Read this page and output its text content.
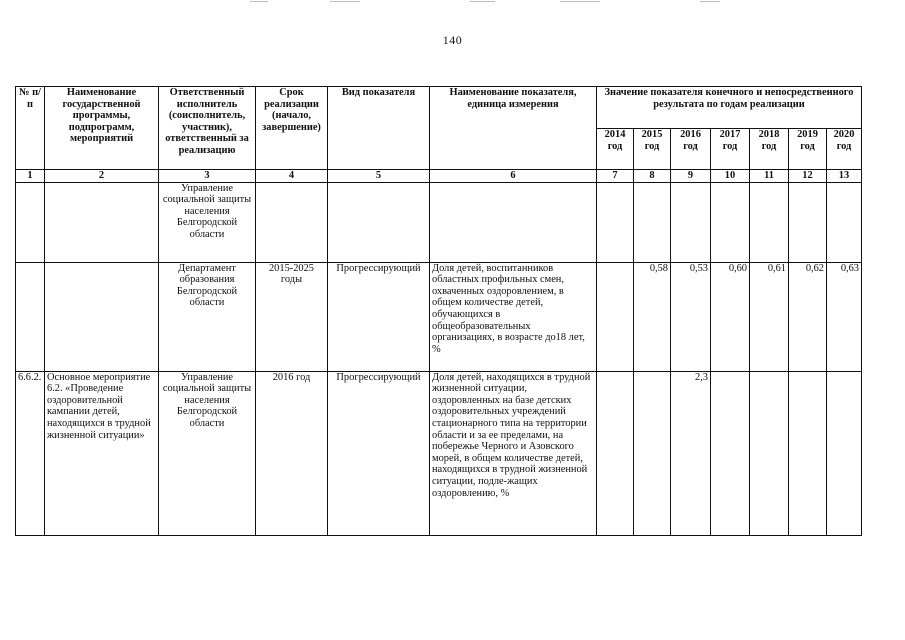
140
№ п/п	Наименование государственной программы, подпрограмм, мероприятий	Ответственный исполнитель (соисполнитель, участник), ответственный за реализацию	Срок реализации (начало, завершение)	Вид показателя	Наименование показателя, единица измерения	Значение показателя конечного и непосредственного результата по годам реализации						
						2014 год	2015 год	2016 год	2017 год	2018 год	2019 год	2020 год
1	2	3	4	5	6	7	8	9	10	11	12	13
		Управление социальной защиты населения Белгородской области										
		Департамент образования Белгородской области	2015-2025 годы	Прогрессирующий	Доля детей, воспитанников областных профильных смен, охваченных оздоровлением, в общем количестве детей, обучающихся в общеобразовательных организациях, в возрасте до18 лет, %		0,58	0,53	0,60	0,61	0,62	0,63
6.6.2.	Основное мероприятие 6.2. «Проведение оздоровительной кампании детей, находящихся в трудной жизненной ситуации»	Управление социальной защиты населения Белгородской области	2016 год	Прогрессирующий	Доля детей, находящихся в трудной жизненной ситуации, оздоровленных на базе детских оздоровительных учреждений стационарного типа на территории области и за ее пределами, на побережье Черного и Азовского морей, в общем количестве детей, находящихся в трудной жизненной ситуации, подле-жащих оздоровлению, %			2,3				
